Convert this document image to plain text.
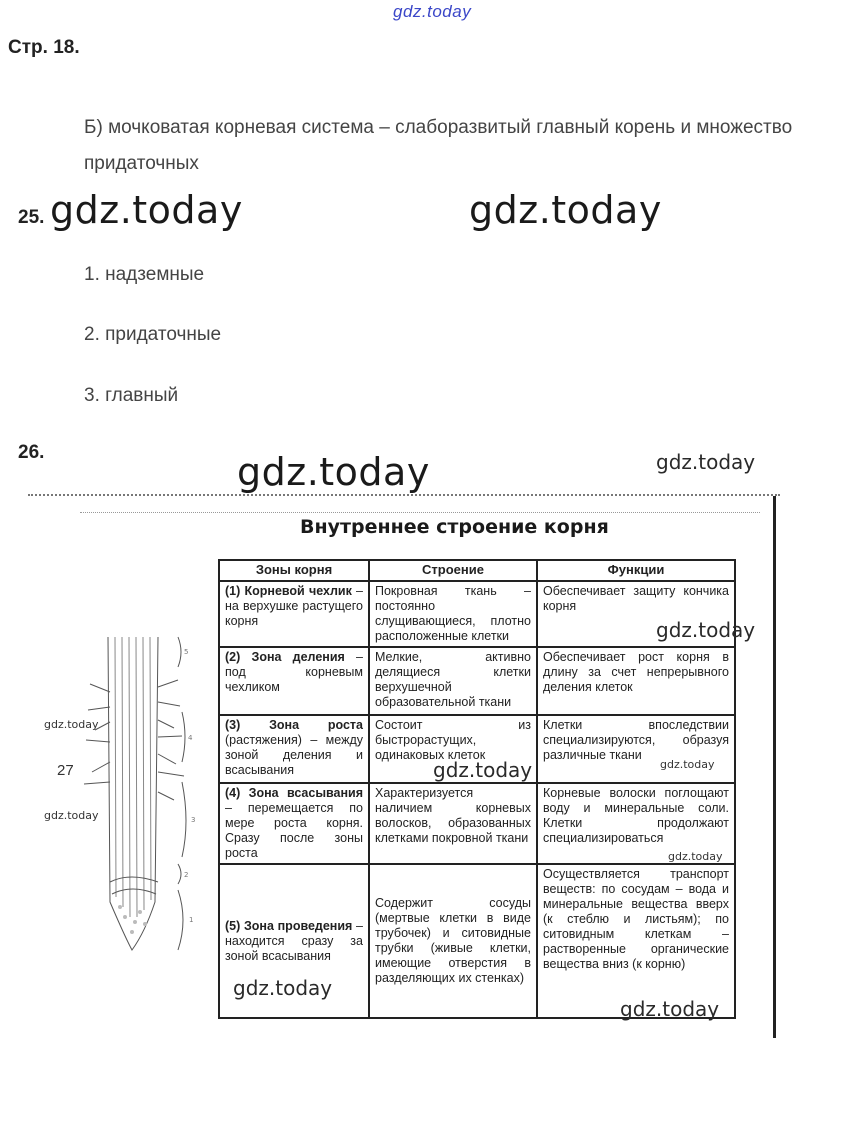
gdz.today
Стр. 18.
Б) мочковатая корневая система – слаборазвитый главный корень и множество придаточных
25. gdz.today	gdz.today
1. надземные
2. придаточные
3. главный
26.	gdz.today	gdz.today
Внутреннее строение корня
5
4
3
2
1
gdz.today
27
gdz.today
Зоны корня	Строение	Функции
(1) Корневой чехлик – на верхушке растущего корня	Покровная ткань – постоянно слущивающиеся, плотно расположенные клетки	Обеспечивает защиту кончика корня
(2) Зона деления – под корневым чехликом	Мелкие, активно делящиеся клетки верхушечной образовательной ткани	Обеспечивает рост корня в длину за счет непрерывного деления клеток
(3) Зона роста (растяжения) – между зоной деления и всасывания	Состоит из быстрорастущих, одинаковых клеток	Клетки впоследствии специализируются, образуя различные ткани
(4) Зона всасывания – перемещается по мере роста корня. Сразу после зоны роста	Характеризуется наличием корневых волосков, образованных клетками покровной ткани	Корневые волоски поглощают воду и минеральные соли. Клетки продолжают специализироваться
(5) Зона проведения – находится сразу за зоной всасывания	Содержит сосуды (мертвые клетки в виде трубочек) и ситовидные трубки (живые клетки, имеющие отверстия в разделяющих их стенках)	Осуществляется транспорт веществ: по сосудам – вода и минеральные вещества вверх (к стеблю и листьям); по ситовидным клеткам – растворенные органические вещества вниз (к корню)
gdz.today
gdz.today	gdz.today
gdz.today
gdz.today
gdz.today
